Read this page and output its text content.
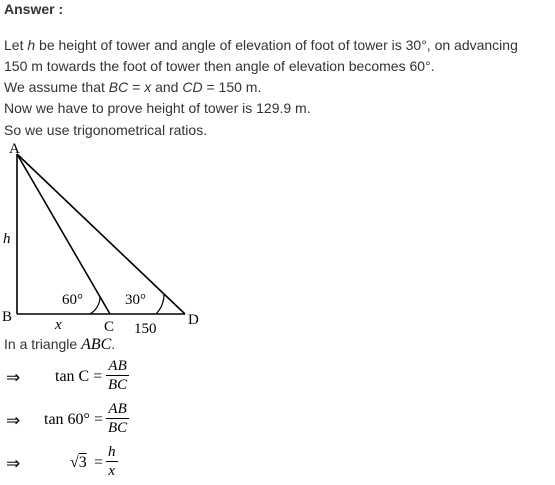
Answer :
Let h be height of tower and angle of elevation of foot of tower is 30°, on advancing
150 m towards the foot of tower then angle of elevation becomes 60°.
We assume that BC = x and CD = 150 m.
Now we have to prove height of tower is 129.9 m.
So we use trigonometrical ratios.
A
B
C	D
h
x	150
60°	30°
In a triangle ABC.
⇒ $\tan C = \frac{AB}{BC}$
⇒ $\tan 60^\circ = \frac{AB}{BC}$
⇒	$√3 = \frac{h}{x}$
